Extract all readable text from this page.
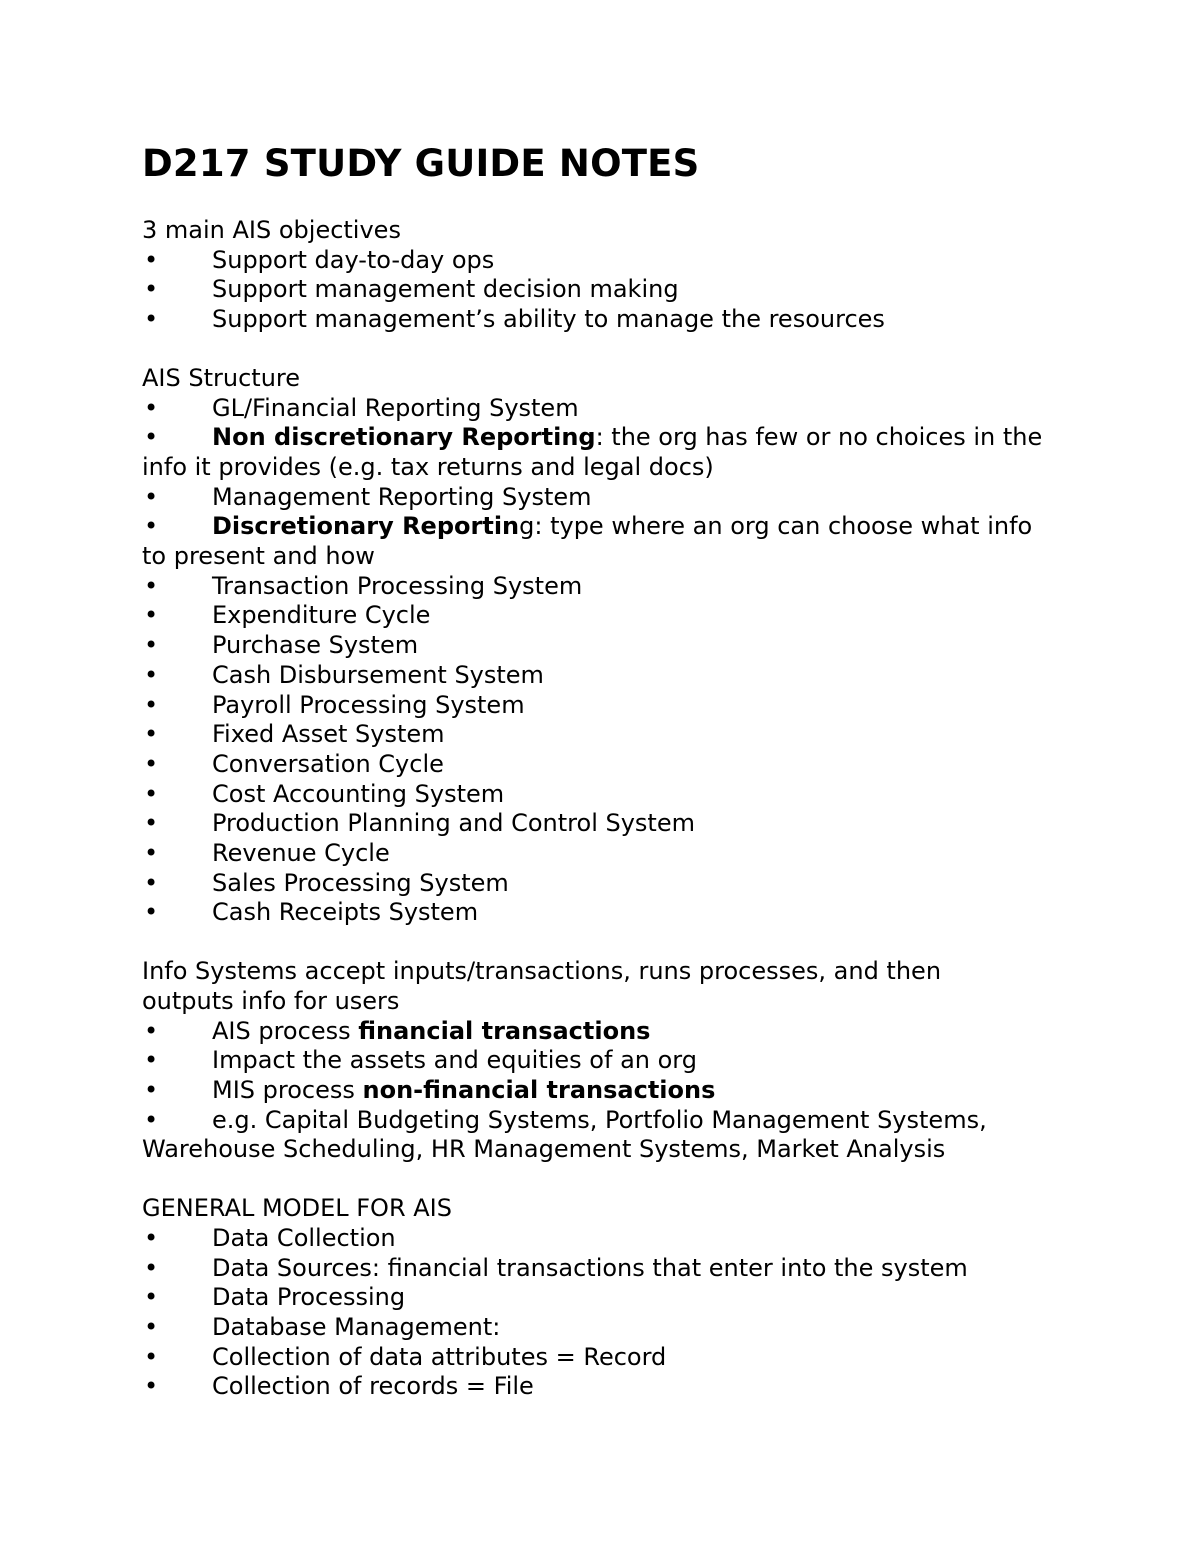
D217 STUDY GUIDE NOTES
3 main AIS objectives
• Support day-to-day ops
• Support management decision making
• Support management’s ability to manage the resources
AIS Structure
• GL/Financial Reporting System
• Non discretionary Reporting: the org has few or no choices in the info it provides (e.g. tax returns and legal docs)
• Management Reporting System
• Discretionary Reporting: type where an org can choose what info to present and how
• Transaction Processing System
• Expenditure Cycle
• Purchase System
• Cash Disbursement System
• Payroll Processing System
• Fixed Asset System
• Conversation Cycle
• Cost Accounting System
• Production Planning and Control System
• Revenue Cycle
• Sales Processing System
• Cash Receipts System
Info Systems accept inputs/transactions, runs processes, and then
outputs info for users
• AIS process financial transactions
• Impact the assets and equities of an org
• MIS process non-financial transactions
• e.g. Capital Budgeting Systems, Portfolio Management Systems, Warehouse Scheduling, HR Management Systems, Market Analysis
GENERAL MODEL FOR AIS
• Data Collection
• Data Sources: financial transactions that enter into the system
• Data Processing
• Database Management:
• Collection of data attributes = Record
• Collection of records = File
